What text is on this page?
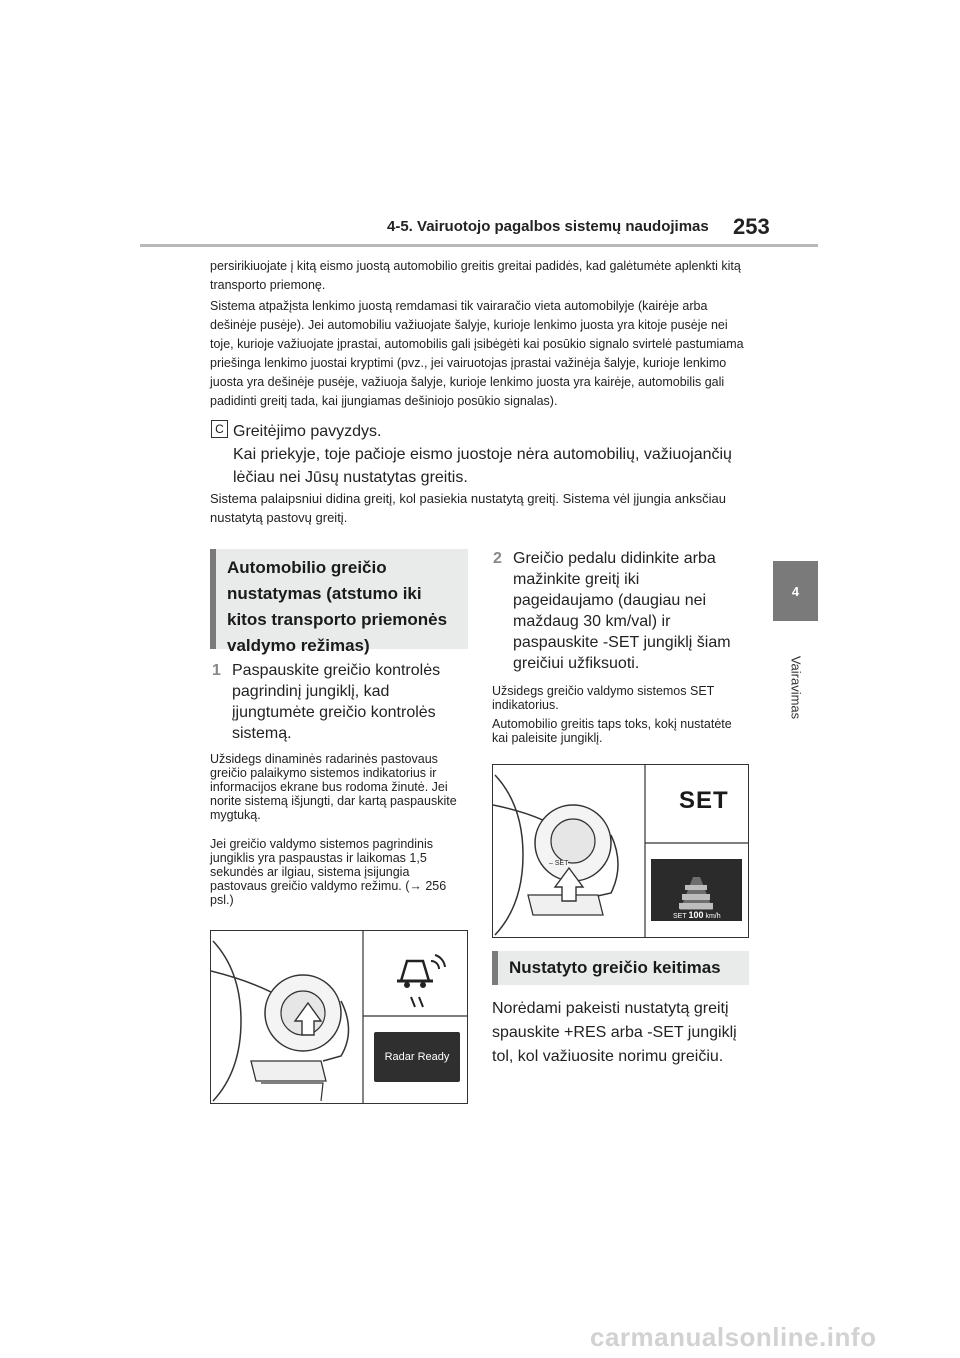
4-5. Vairuotojo pagalbos sistemų naudojimas 253
4
Vairavimas
persirikiuojate į kitą eismo juostą automobilio greitis greitai padidės, kad galėtumėte aplenkti kitą transporto priemonę.
Sistema atpažįsta lenkimo juostą remdamasi tik vairaračio vieta automobilyje (kairėje arba dešinėje pusėje). Jei automobiliu važiuojate šalyje, kurioje lenkimo juosta yra kitoje pusėje nei toje, kurioje važiuojate įprastai, automobilis gali įsibėgėti kai posūkio signalo svirtelė pastumiama priešinga lenkimo juostai kryptimi (pvz., jei vairuotojas įprastai važinėja šalyje, kurioje lenkimo juosta yra dešinėje pusėje, važiuoja šalyje, kurioje lenkimo juosta yra kairėje, automobilis gali padidinti greitį tada, kai įjungiamas dešiniojo posūkio signalas).
C Greitėjimo pavyzdys.
Kai priekyje, toje pačioje eismo juostoje nėra automobilių, važiuojančių lėčiau nei Jūsų nustatytas greitis.
Sistema palaipsniui didina greitį, kol pasiekia nustatytą greitį. Sistema vėl įjungia anksčiau nustatytą pastovų greitį.
Automobilio greičio nustatymas (atstumo iki kitos transporto priemonės valdymo režimas)
1 Paspauskite greičio kontrolės pagrindinį jungiklį, kad įjungtumėte greičio kontrolės sistemą.
Užsidegs dinaminės radarinės pastovaus greičio palaikymo sistemos indikatorius ir informacijos ekrane bus rodoma žinutė. Jei norite sistemą išjungti, dar kartą paspauskite mygtuką.
Jei greičio valdymo sistemos pagrindinis jungiklis yra paspaustas ir laikomas 1,5 sekundės ar ilgiau, sistema įsijungia pastovaus greičio valdymo režimu. (→ 256 psl.)
Radar Ready
2 Greičio pedalu didinkite arba mažinkite greitį iki pageidaujamo (daugiau nei maždaug 30 km/val) ir paspauskite -SET jungiklį šiam greičiui užfiksuoti.
Užsidegs greičio valdymo sistemos SET indikatorius.
Automobilio greitis taps toks, kokį nustatėte kai paleisite jungiklį.
SET
– SET
SET 100 km/h
Nustatyto greičio keitimas
Norėdami pakeisti nustatytą greitį spauskite +RES arba -SET jungiklį tol, kol važiuosite norimu greičiu.
carmanualsonline.info
